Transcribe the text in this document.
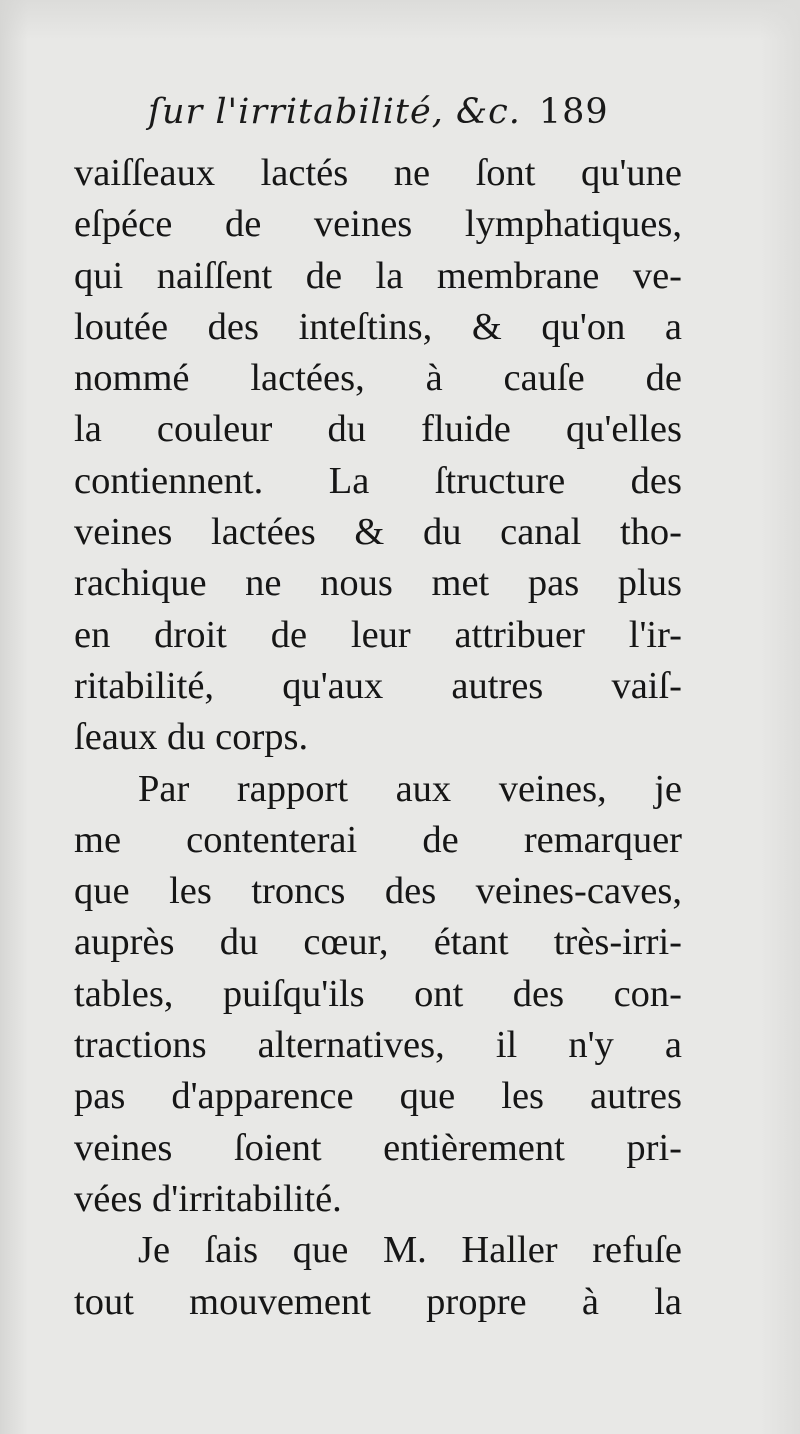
ſur l'irritabilité, &c. 189
vaiſſeaux lactés ne ſont qu'une
eſpéce de veines lymphatiques,
qui naiſſent de la membrane ve-
loutée des inteſtins, & qu'on a
nommé lactées, à cauſe de
la couleur du fluide qu'elles
contiennent. La ſtructure des
veines lactées & du canal tho-
rachique ne nous met pas plus
en droit de leur attribuer l'ir-
ritabilité, qu'aux autres vaiſ-
ſeaux du corps.
Par rapport aux veines, je
me contenterai de remarquer
que les troncs des veines-caves,
auprès du cœur, étant très-irri-
tables, puiſqu'ils ont des con-
tractions alternatives, il n'y a
pas d'apparence que les autres
veines ſoient entièrement pri-
vées d'irritabilité.
Je ſais que M. Haller refuſe
tout mouvement propre à la
